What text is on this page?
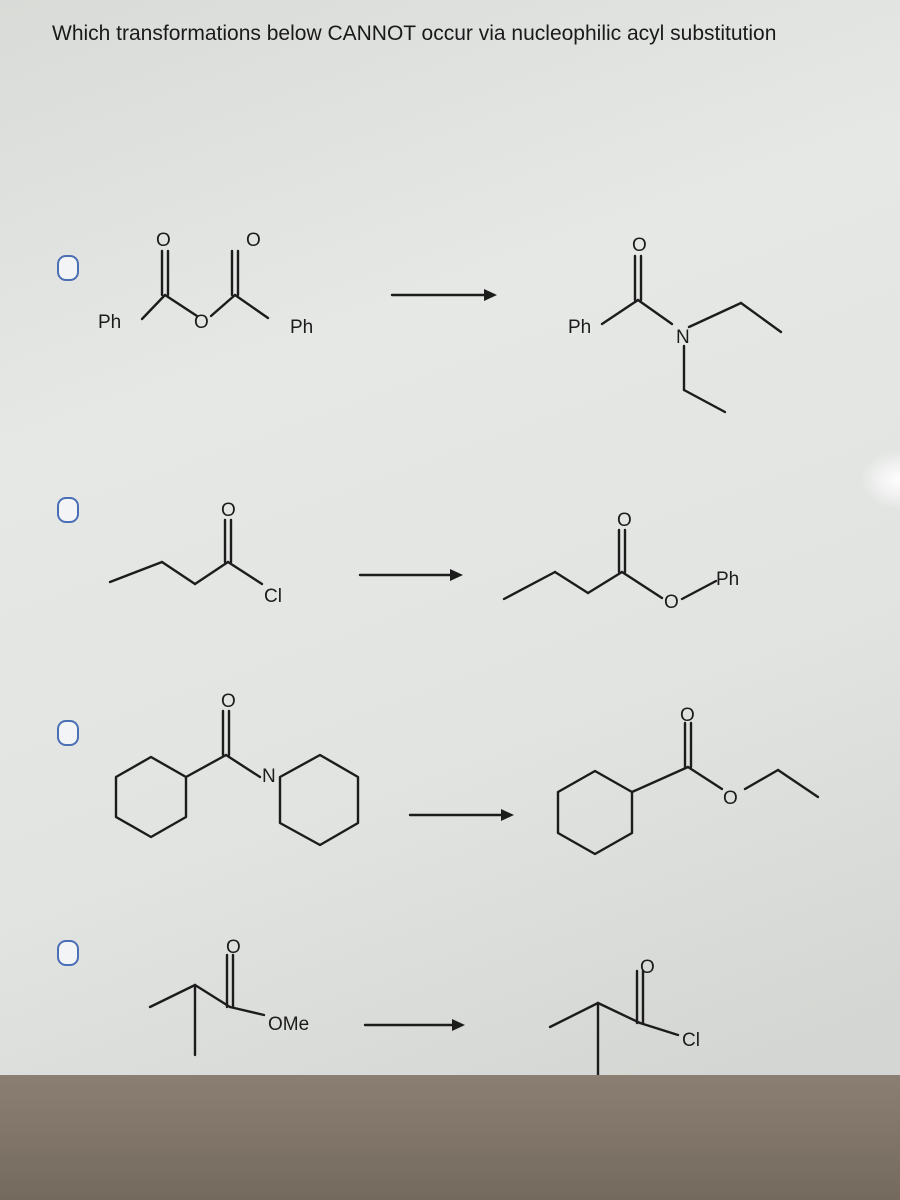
Which transformations below CANNOT occur via nucleophilic acyl substitution
O	O
O
Ph	Ph
O
Ph	N
O
Cl
O
O
Ph
O
N
O
O
O
OMe
O
Cl
